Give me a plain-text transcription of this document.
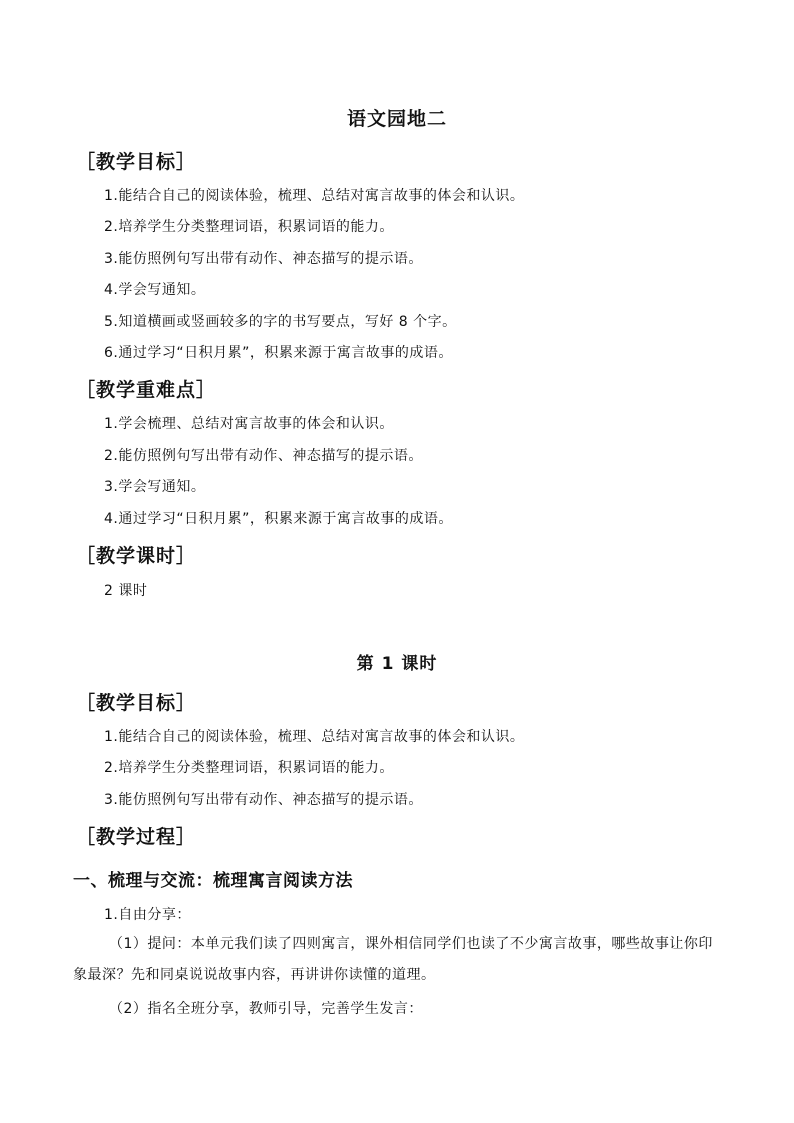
语文园地二
［教学目标］
1.能结合自己的阅读体验，梳理、总结对寓言故事的体会和认识。
2.培养学生分类整理词语，积累词语的能力。
3.能仿照例句写出带有动作、神态描写的提示语。
4.学会写通知。
5.知道横画或竖画较多的字的书写要点，写好 8 个字。
6.通过学习“日积月累”，积累来源于寓言故事的成语。
［教学重难点］
1.学会梳理、总结对寓言故事的体会和认识。
2.能仿照例句写出带有动作、神态描写的提示语。
3.学会写通知。
4.通过学习“日积月累”，积累来源于寓言故事的成语。
［教学课时］
2 课时
第 1 课时
［教学目标］
1.能结合自己的阅读体验，梳理、总结对寓言故事的体会和认识。
2.培养学生分类整理词语，积累词语的能力。
3.能仿照例句写出带有动作、神态描写的提示语。
［教学过程］
一、梳理与交流：梳理寓言阅读方法
1.自由分享：
（1）提问：本单元我们读了四则寓言，课外相信同学们也读了不少寓言故事，哪些故事让你印象最深？先和同桌说说故事内容，再讲讲你读懂的道理。
（2）指名全班分享，教师引导，完善学生发言：
